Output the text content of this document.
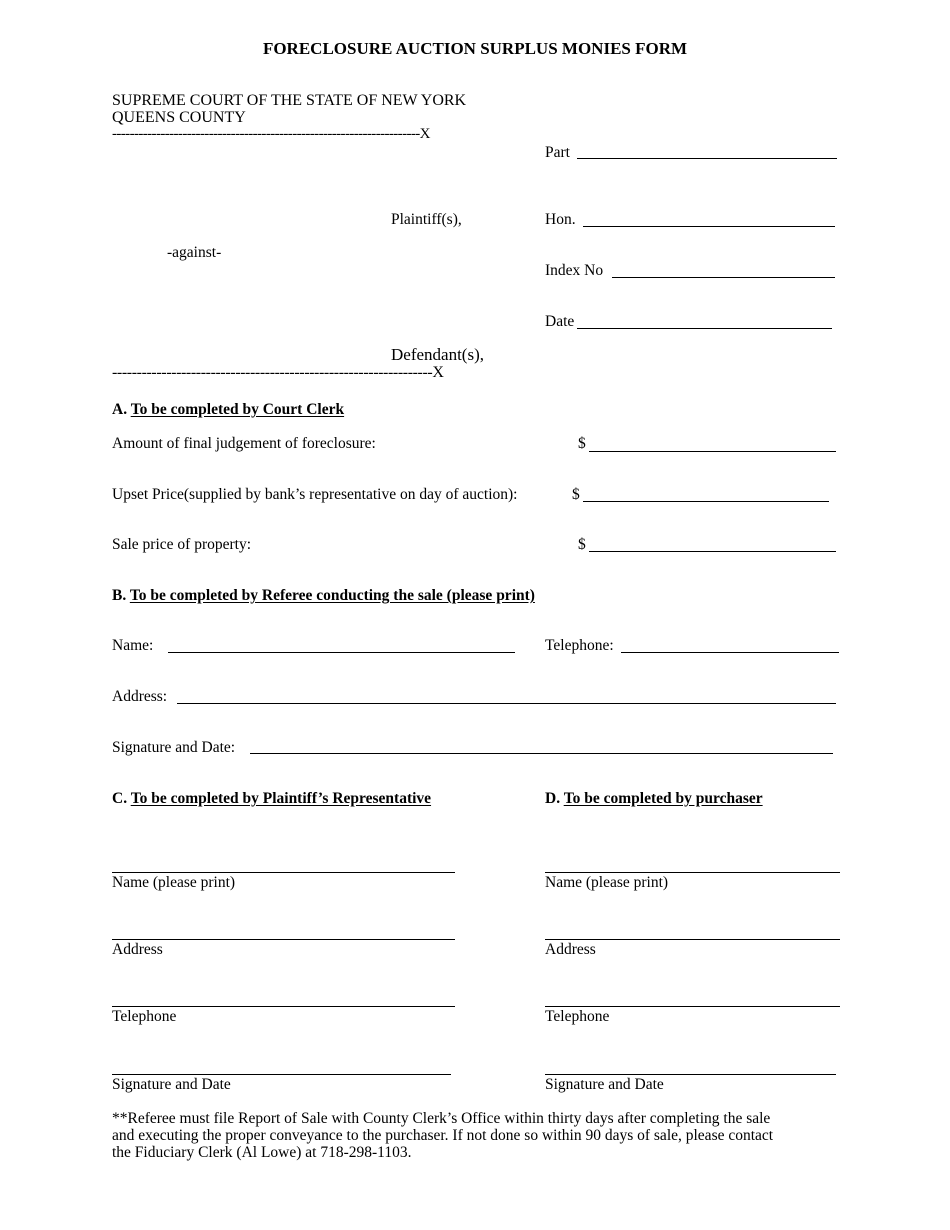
FORECLOSURE AUCTION SURPLUS MONIES FORM
SUPREME COURT OF THE STATE OF NEW YORK
QUEENS COUNTY
----------------------------------------------------------------------X
Part
Plaintiff(s),	Hon.
-against-
Index No
Date
Defendant(s),
-----------------------------------------------------------------X
A. To be completed by Court Clerk
Amount of final judgement of foreclosure:	$
Upset Price(supplied by bank’s representative on day of auction):	$
Sale price of property:	$
B. To be completed by Referee conducting the sale (please print)
Name:	Telephone:
Address:
Signature and Date:
C. To be completed by Plaintiff’s Representative
Name (please print)
Address
Telephone
Signature and Date
D. To be completed by purchaser
Name (please print)
Address
Telephone
Signature and Date
**Referee must file Report of Sale with County Clerk’s Office within thirty days after completing the sale
and executing the proper conveyance to the purchaser. If not done so within 90 days of sale, please contact
the Fiduciary Clerk (Al Lowe) at 718-298-1103.
